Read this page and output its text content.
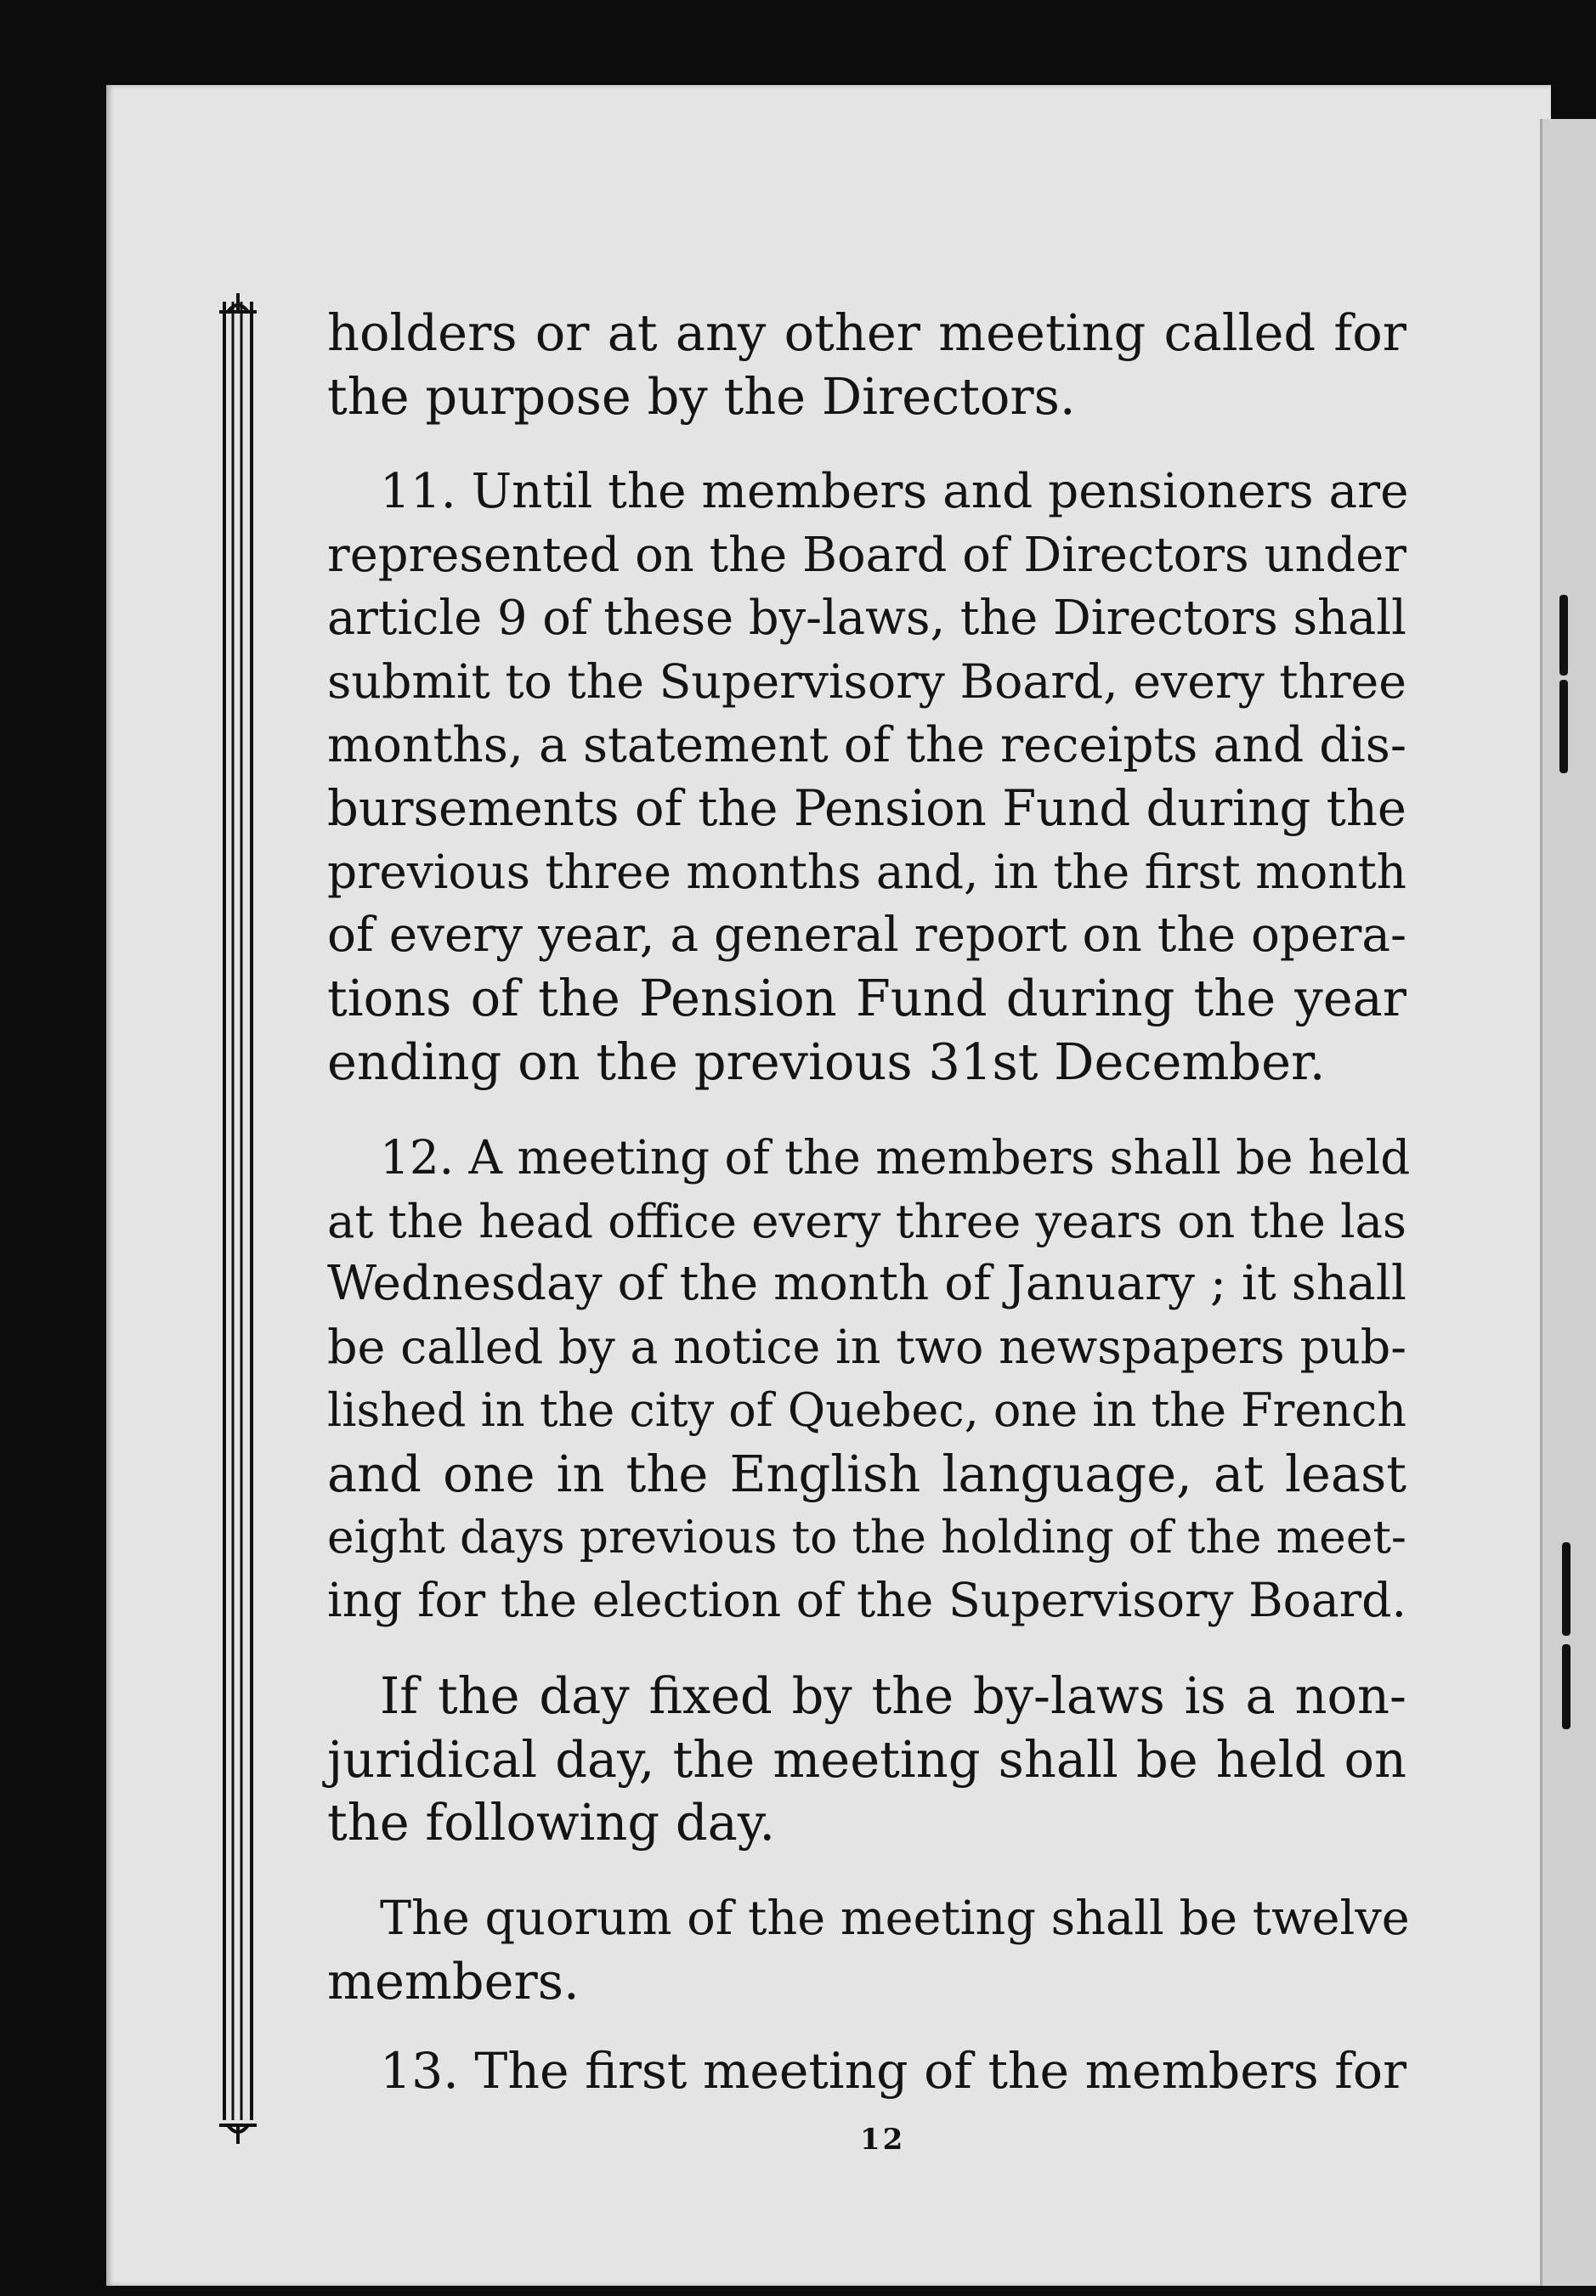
holders or at any other meeting called for
the purpose by the Directors.

11. Until the members and pensioners are
represented on the Board of Directors under
article 9 of these by-laws, the Directors shall
submit to the Supervisory Board, every three
months, a statement of the receipts and dis-
bursements of the Pension Fund during the
previous three months and, in the first month
of every year, a general report on the opera-
tions of the Pension Fund during the year
ending on the previous 31st December.

12. A meeting of the members shall be held
at the head office every three years on the las
Wednesday of the month of January ; it shall
be called by a notice in two newspapers pub-
lished in the city of Quebec, one in the French
and one in the English language, at least
eight days previous to the holding of the meet-
ing for the election of the Supervisory Board.

If the day fixed by the by-laws is a non-
juridical day, the meeting shall be held on
the following day.

The quorum of the meeting shall be twelve
members.

13. The first meeting of the members for

12
